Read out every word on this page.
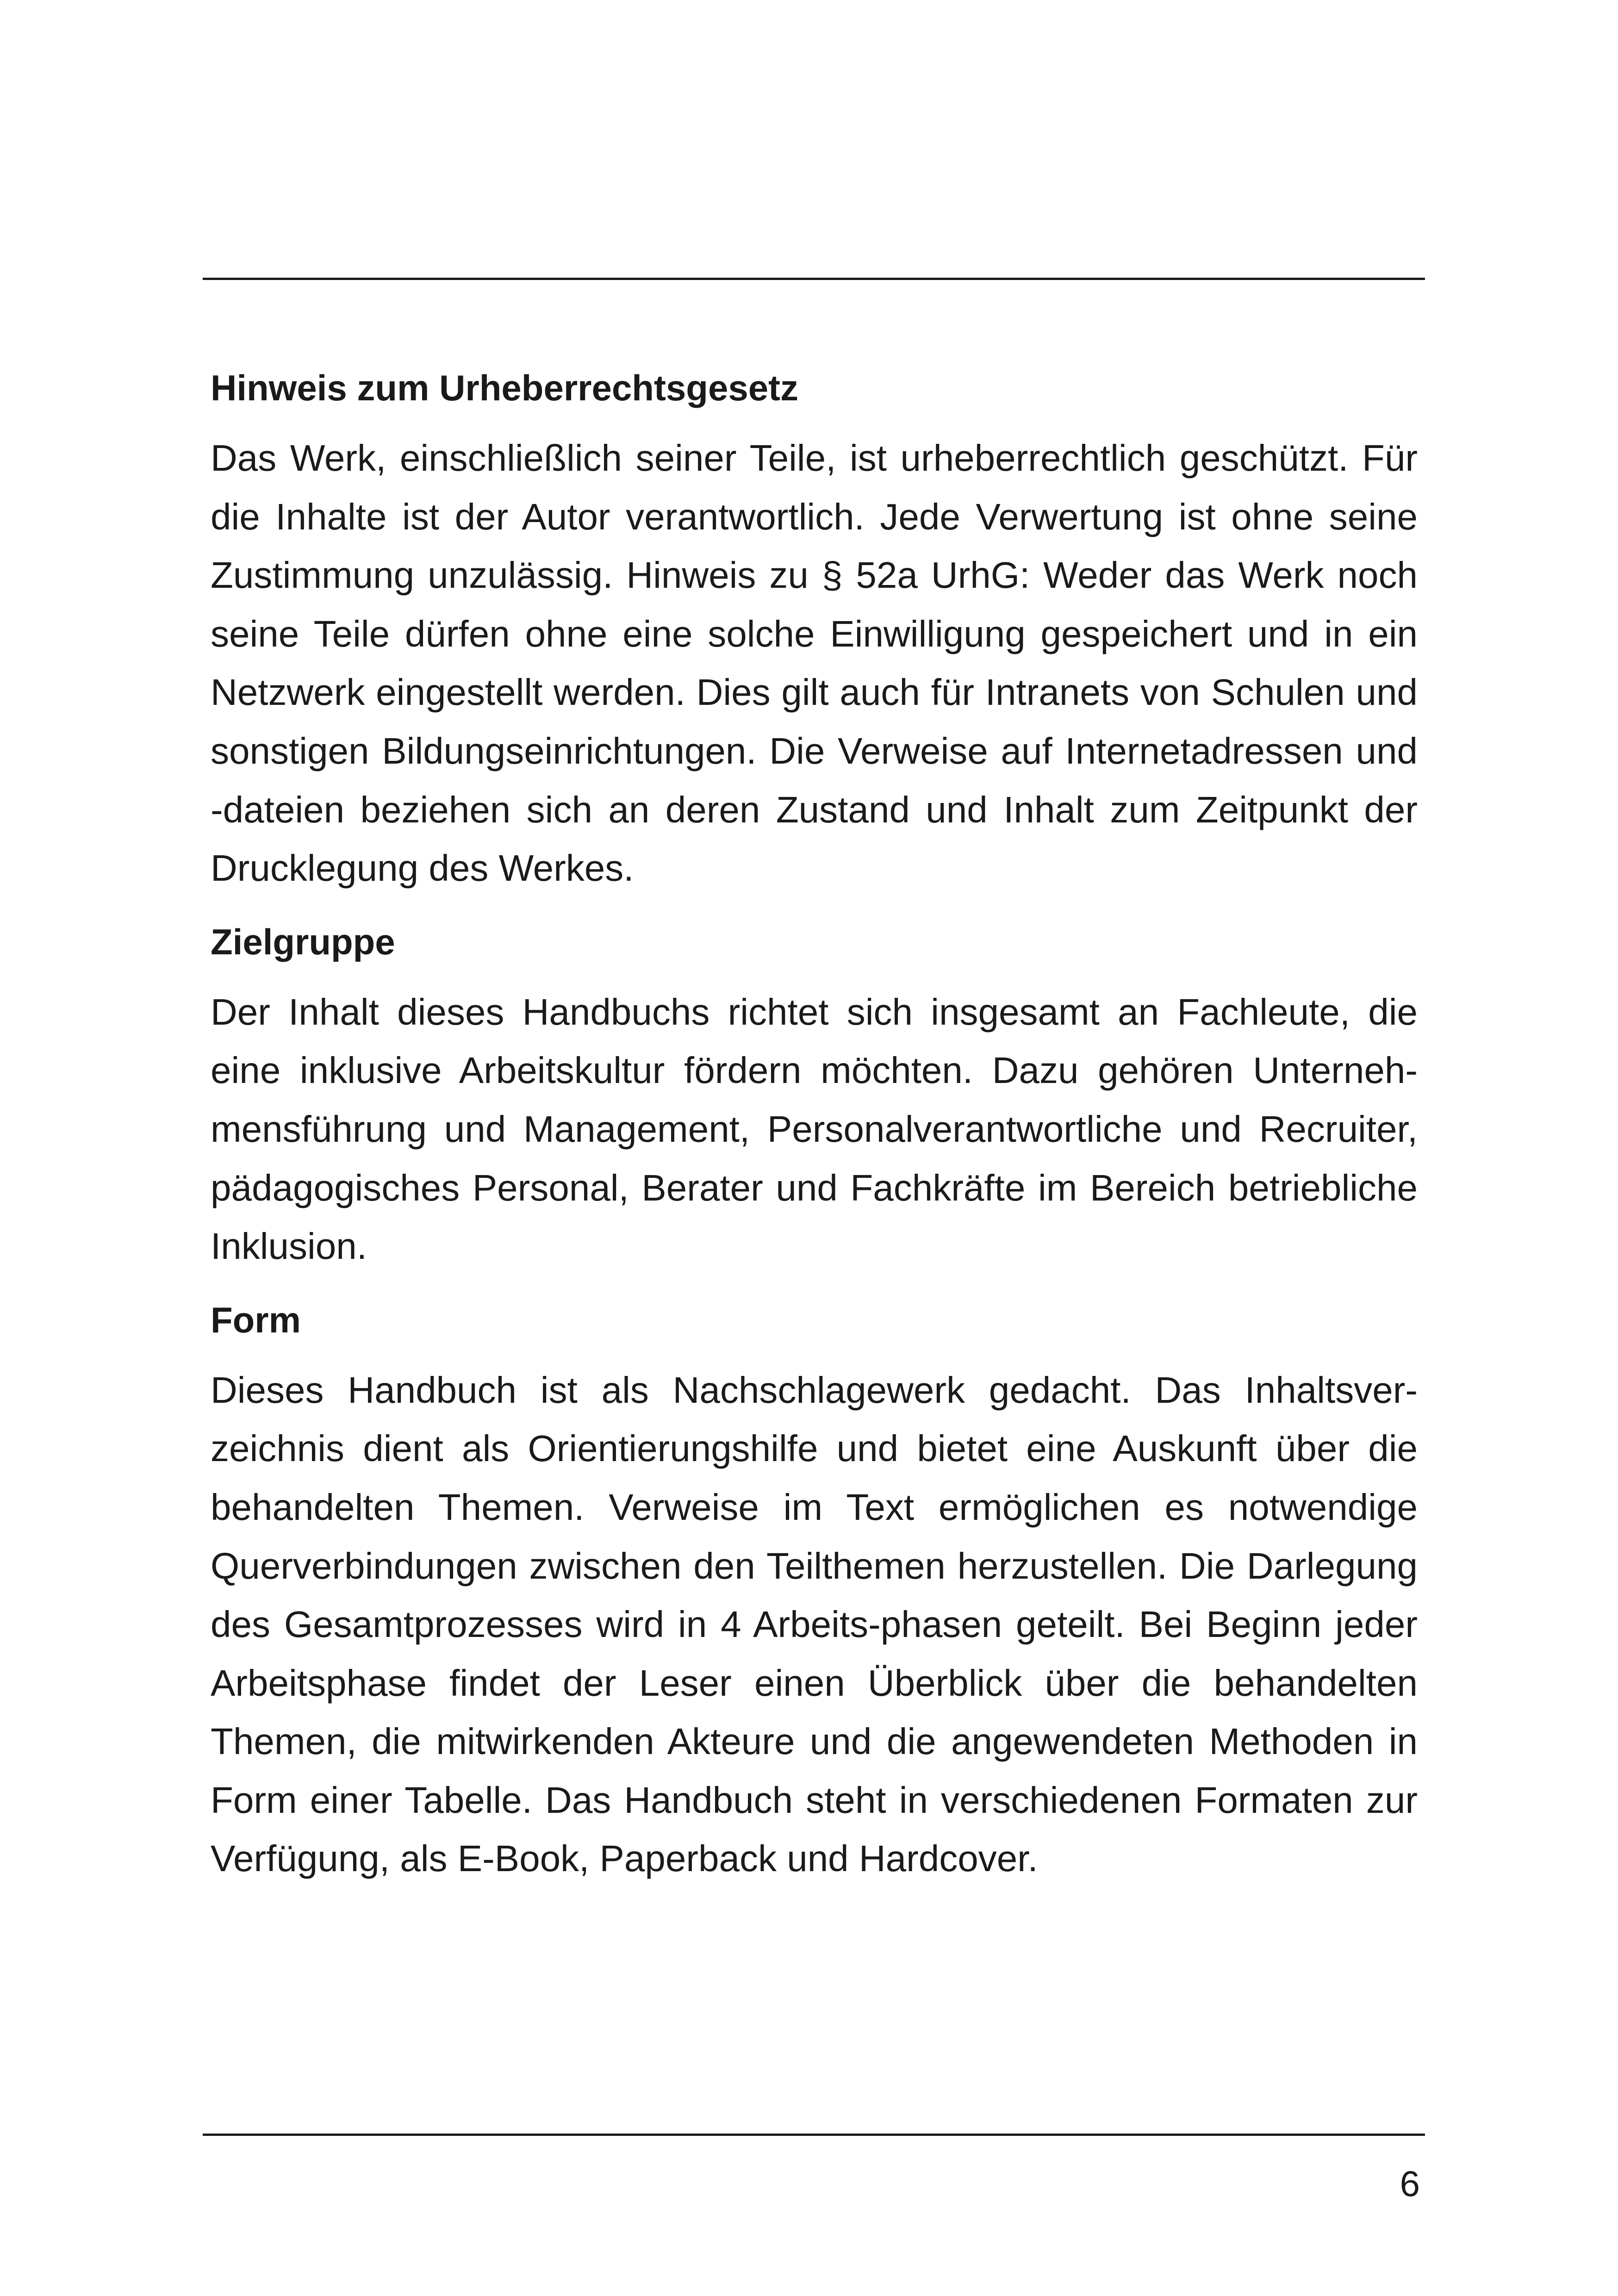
Hinweis zum Urheberrechtsgesetz

Das Werk, einschließlich seiner Teile, ist urheberrechtlich geschützt. Für die Inhalte ist der Autor verantwortlich. Jede Verwertung ist ohne seine Zustimmung unzulässig. Hinweis zu § 52a UrhG: Weder das Werk noch seine Teile dürfen ohne eine solche Einwilligung gespeichert und in ein Netzwerk eingestellt werden. Dies gilt auch für Intranets von Schulen und sonstigen Bildungseinrichtungen. Die Verweise auf Internetadressen und -dateien beziehen sich an deren Zustand und Inhalt zum Zeitpunkt der Drucklegung des Werkes.

Zielgruppe

Der Inhalt dieses Handbuchs richtet sich insgesamt an Fachleute, die eine inklusive Arbeitskultur fördern möchten. Dazu gehören Unternehmensführung und Management, Personalverantwortliche und Recruiter, pädagogisches Personal, Berater und Fachkräfte im Bereich betriebliche Inklusion.

Form

Dieses Handbuch ist als Nachschlagewerk gedacht. Das Inhaltsverzeichnis dient als Orientierungshilfe und bietet eine Auskunft über die behandelten Themen. Verweise im Text ermöglichen es notwendige Querverbindungen zwischen den Teilthemen herzustellen. Die Darlegung des Gesamtprozesses wird in 4 Arbeits-phasen geteilt. Bei Beginn jeder Arbeitsphase findet der Leser einen Überblick über die behandelten Themen, die mitwirkenden Akteure und die angewendeten Methoden in Form einer Tabelle. Das Handbuch steht in verschiedenen Formaten zur Verfügung, als E-Book, Paperback und Hardcover.

6
